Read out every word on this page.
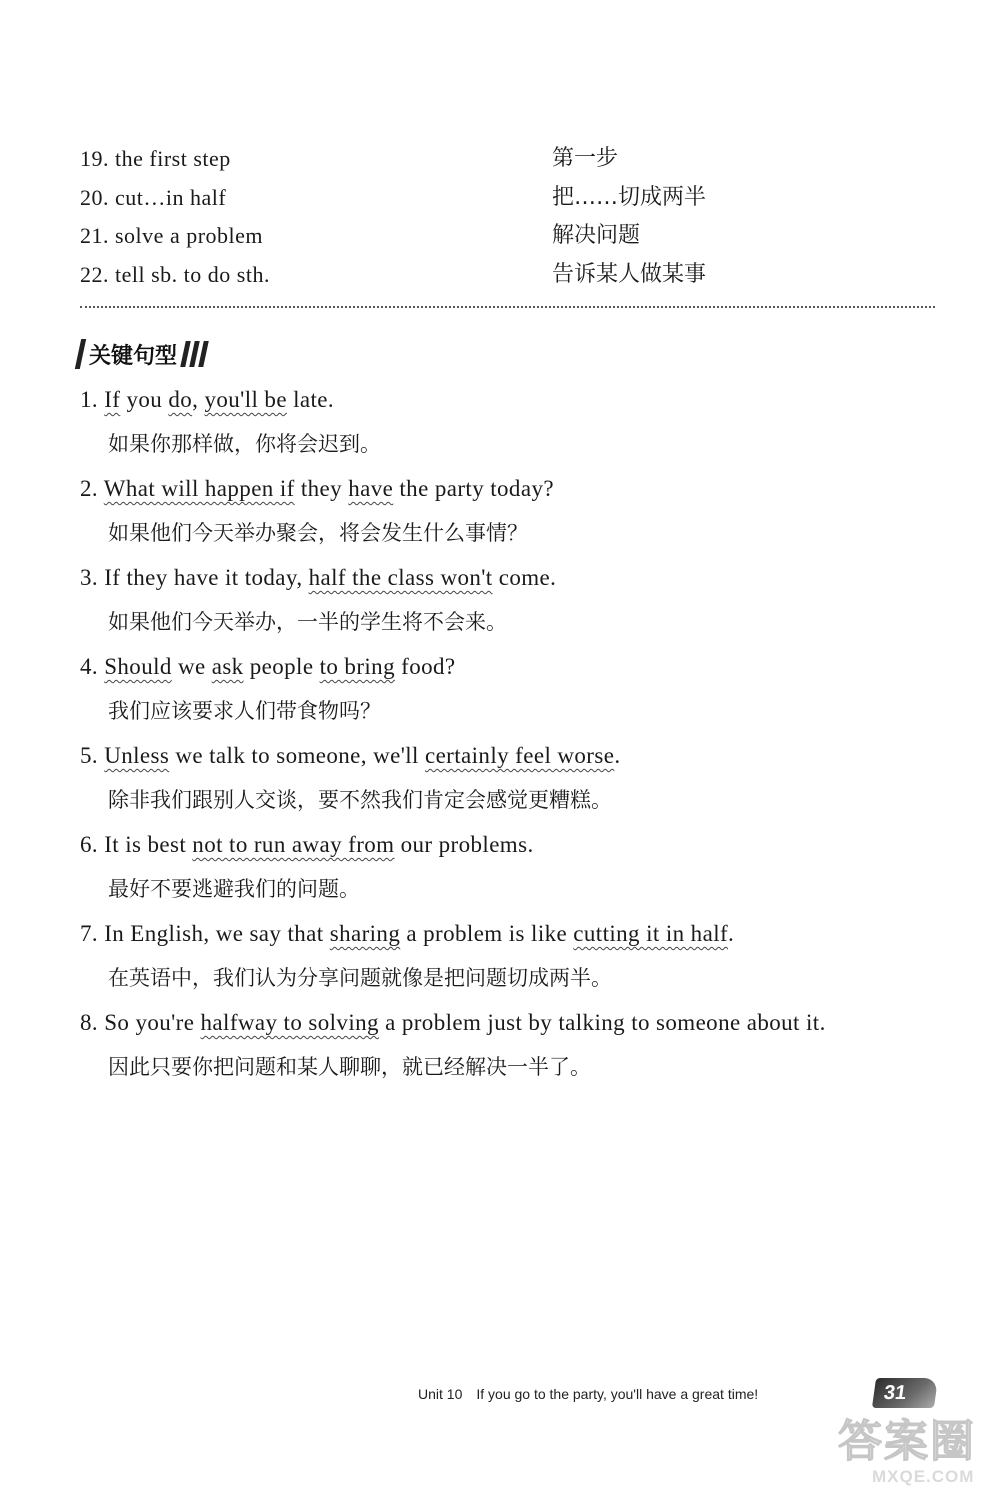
19. the first step	第一步
20. cut…in half	把……切成两半
21. solve a problem	解决问题
22. tell sb. to do sth.	告诉某人做某事
关键句型
1. If you do, you'll be late.
如果你那样做，你将会迟到。
2. What will happen if they have the party today?
如果他们今天举办聚会，将会发生什么事情？
3. If they have it today, half the class won't come.
如果他们今天举办，一半的学生将不会来。
4. Should we ask people to bring food?
我们应该要求人们带食物吗？
5. Unless we talk to someone, we'll certainly feel worse.
除非我们跟别人交谈，要不然我们肯定会感觉更糟糕。
6. It is best not to run away from our problems.
最好不要逃避我们的问题。
7. In English, we say that sharing a problem is like cutting it in half.
在英语中，我们认为分享问题就像是把问题切成两半。
8. So you're halfway to solving a problem just by talking to someone about it.
因此只要你把问题和某人聊聊，就已经解决一半了。
Unit 10 If you go to the party, you'll have a great time!	31
答案圈
MXQE.COM
